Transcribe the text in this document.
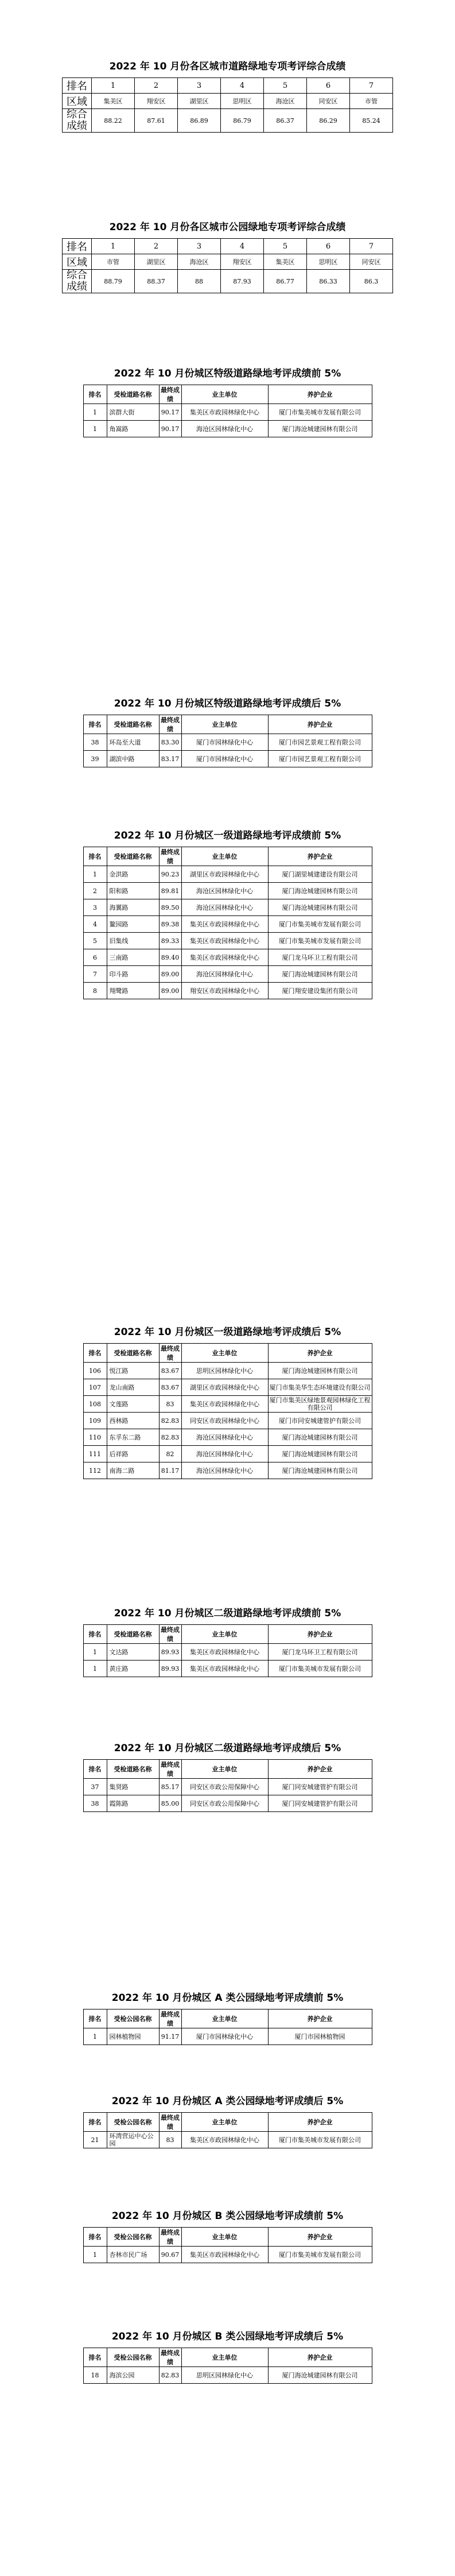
2022 年 10 月份各区城市道路绿地专项考评综合成绩
排名	1	2	3	4	5	6	7
区域	集美区	翔安区	湖里区	思明区	海沧区	同安区	市管
综合成绩	88.22	87.61	86.89	86.79	86.37	86.29	85.24
2022 年 10 月份各区城市公园绿地专项考评综合成绩
排名	1	2	3	4	5	6	7
区域	市管	湖里区	海沧区	翔安区	集美区	思明区	同安区
综合成绩	88.79	88.37	88	87.93	86.77	86.33	86.3
2022 年 10 月份城区特级道路绿地考评成绩前 5%
排名	受检道路名称	最终成绩	业主单位	养护企业
1	滨群大街	90.17	集美区市政园林绿化中心	厦门市集美城市发展有限公司
1	角嵩路	90.17	海沧区园林绿化中心	厦门海沧城建园林有限公司
2022 年 10 月份城区特级道路绿地考评成绩后 5%
排名	受检道路名称	最终成绩	业主单位	养护企业
38	环岛至大道	83.30	厦门市园林绿化中心	厦门市园艺景观工程有限公司
39	湖滨中路	83.17	厦门市园林绿化中心	厦门市园艺景观工程有限公司
2022 年 10 月份城区一级道路绿地考评成绩前 5%
排名	受检道路名称	最终成绩	业主单位	养护企业
1	金洪路	90.23	湖里区市政园林绿化中心	厦门湖里城建建设有限公司
2	阳和路	89.81	海沧区园林绿化中心	厦门海沧城建园林有限公司
3	海翼路	89.50	海沧区园林绿化中心	厦门海沧城建园林有限公司
4	鳌园路	89.38	集美区市政园林绿化中心	厦门市集美城市发展有限公司
5	旧集线	89.33	集美区市政园林绿化中心	厦门市集美城市发展有限公司
6	三南路	89.40	集美区市政园林绿化中心	厦门龙马环卫工程有限公司
7	印斗路	89.00	海沧区园林绿化中心	厦门海沧城建园林有限公司
8	翔鹭路	89.00	翔安区市政园林绿化中心	厦门翔安建设集团有限公司
2022 年 10 月份城区一级道路绿地考评成绩后 5%
排名	受检道路名称	最终成绩	业主单位	养护企业
106	悦江路	83.67	思明区园林绿化中心	厦门海沧城建园林有限公司
107	龙山南路	83.67	湖里区市政园林绿化中心	厦门市集美华生态环境建设有限公司
108	文莲路	83	集美区市政园林绿化中心	厦门市集美区绿地景观园林绿化工程有限公司
109	西林路	82.83	同安区市政园林绿化中心	厦门市同安城建管护有限公司
110	东孚东二路	82.83	海沧区园林绿化中心	厦门海沧城建园林有限公司
111	后祥路	82	海沧区园林绿化中心	厦门海沧城建园林有限公司
112	南海二路	81.17	海沧区园林绿化中心	厦门海沧城建园林有限公司
2022 年 10 月份城区二级道路绿地考评成绩前 5%
排名	受检道路名称	最终成绩	业主单位	养护企业
1	文达路	89.93	集美区市政园林绿化中心	厦门龙马环卫工程有限公司
1	黄庄路	89.93	集美区市政园林绿化中心	厦门市集美城市发展有限公司
2022 年 10 月份城区二级道路绿地考评成绩后 5%
排名	受检道路名称	最终成绩	业主单位	养护企业
37	集贤路	85.17	同安区市政公用保障中心	厦门同安城建管护有限公司
38	霞陈路	85.00	同安区市政公用保障中心	厦门同安城建管护有限公司
2022 年 10 月份城区 A 类公园绿地考评成绩前 5%
排名	受检公园名称	最终成绩	业主单位	养护企业
1	园林植物园	91.17	厦门市园林绿化中心	厦门市园林植物园
2022 年 10 月份城区 A 类公园绿地考评成绩后 5%
排名	受检公园名称	最终成绩	业主单位	养护企业
21	环湾营运中心公园	83	集美区市政园林绿化中心	厦门市集美城市发展有限公司
2022 年 10 月份城区 B 类公园绿地考评成绩前 5%
排名	受检公园名称	最终成绩	业主单位	养护企业
1	杏林市民广场	90.67	集美区市政园林绿化中心	厦门市集美城市发展有限公司
2022 年 10 月份城区 B 类公园绿地考评成绩后 5%
排名	受检公园名称	最终成绩	业主单位	养护企业
18	海滨公园	82.83	思明区园林绿化中心	厦门海沧城建园林有限公司
